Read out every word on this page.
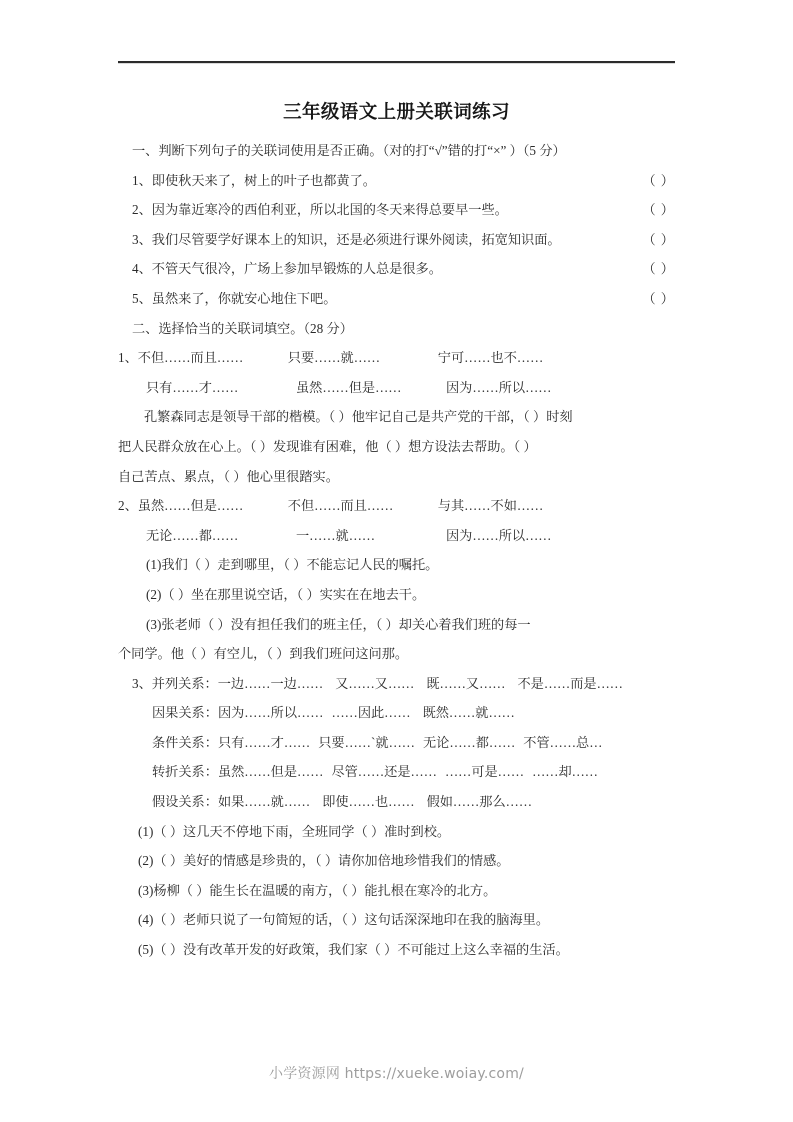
三年级语文上册关联词练习
一、判断下列句子的关联词使用是否正确。（对的打“√”错的打“×” ）（5 分）
1、 即使秋天来了，树上的叶子也都黄了。	（ ）
2、 因为靠近寒冷的西伯利亚，所以北国的冬天来得总要早一些。	（ ）
3、 我们尽管要学好课本上的知识，还是必须进行课外阅读，拓宽知识面。	（ ）
4、 不管天气很冷，广场上参加早锻炼的人总是很多。	（ ）
5、 虽然来了，你就安心地住下吧。	（ ）
二、选择恰当的关联词填空。（28 分）
1、 不但……而且……	只要……就……	宁可……也不……
只有……才……	虽然……但是……	因为……所以……
孔繁森同志是领导干部的楷模。（ ）他牢记自己是共产党的干部，（ ）时刻
把人民群众放在心上。（ ）发现谁有困难，他（ ）想方设法去帮助。（ ）
自己苦点、累点，（ ）他心里很踏实。
2、 虽然……但是……	不但……而且……	与其……不如……
无论……都……	一……就……	因为……所以……
(1)我们（ ）走到哪里，（ ）不能忘记人民的嘱托。
(2)（ ）坐在那里说空话，（ ）实实在在地去干。
(3)张老师（ ）没有担任我们的班主任，（ ）却关心着我们班的每一
个同学。他（ ）有空儿，（ ）到我们班问这问那。
3、并列关系：一边……一边…… 又……又…… 既……又…… 不是……而是……
因果关系：因为……所以…… ……因此…… 既然……就……
条件关系：只有……才…… 只要……`就…… 无论……都…… 不管……总…
转折关系：虽然……但是…… 尽管……还是…… ……可是…… ……却……
假设关系：如果……就…… 即使……也…… 假如……那么……
(1)（ ）这几天不停地下雨，全班同学（ ）准时到校。
(2)（ ）美好的情感是珍贵的，（ ）请你加倍地珍惜我们的情感。
(3)杨柳（ ）能生长在温暖的南方，（ ）能扎根在寒冷的北方。
(4)（ ）老师只说了一句简短的话，（ ）这句话深深地印在我的脑海里。
(5)（ ）没有改革开发的好政策，我们家（ ）不可能过上这么幸福的生活。
小学资源网 https://xueke.woiay.com/
